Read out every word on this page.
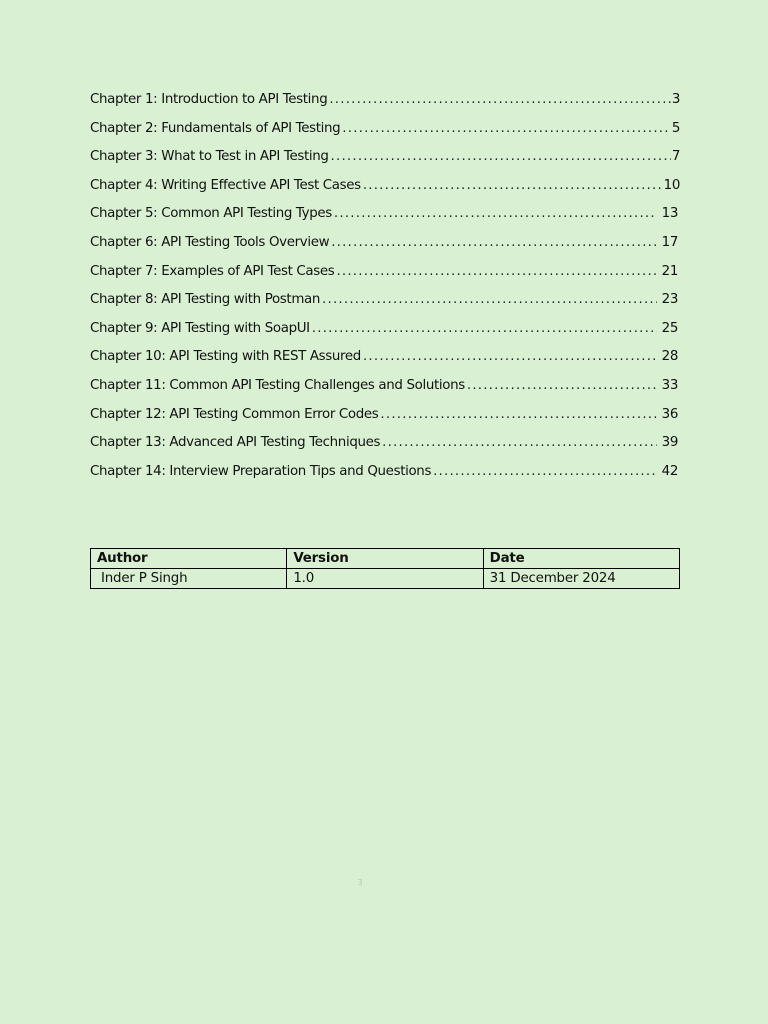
Chapter 1: Introduction to API Testing .....	3
Chapter 2: Fundamentals of API Testing .....	5
Chapter 3: What to Test in API Testing .....	7
Chapter 4: Writing Effective API Test Cases .....	10
Chapter 5: Common API Testing Types .....	13
Chapter 6: API Testing Tools Overview .....	17
Chapter 7: Examples of API Test Cases .....	21
Chapter 8: API Testing with Postman .....	23
Chapter 9: API Testing with SoapUI .....	25
Chapter 10: API Testing with REST Assured .....	28
Chapter 11: Common API Testing Challenges and Solutions .....	33
Chapter 12: API Testing Common Error Codes .....	36
Chapter 13: Advanced API Testing Techniques .....	39
Chapter 14: Interview Preparation Tips and Questions .....	42
Author	Version	Date
Inder P Singh	1.0	31 December 2024
3
